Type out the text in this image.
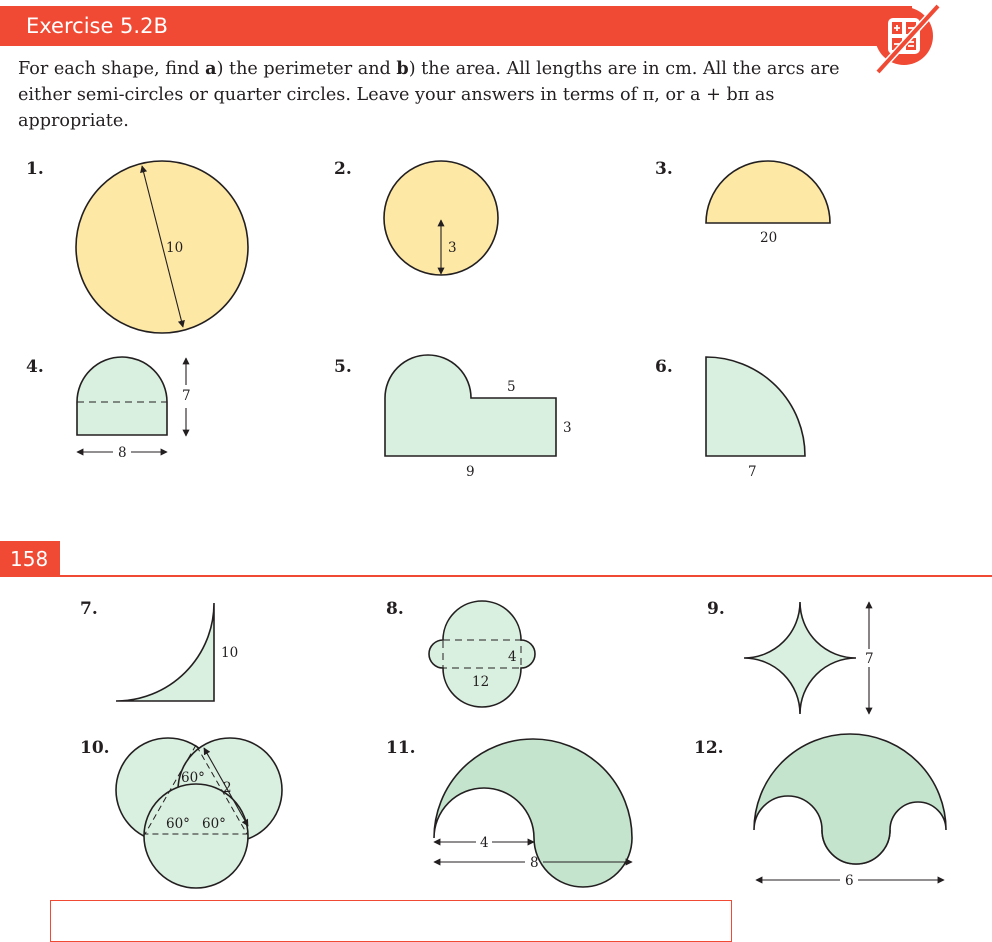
Exercise 5.2B

For each shape, find a) the perimeter and b) the area. All lengths are in cm. All the arcs are either semi-circles or quarter circles. Leave your answers in terms of π, or a + bπ as appropriate.

1.
10
2.
3
3.
20
4.
7
8
5.
5
3
9
6.
7
7.
10
8.
4
12
9.
7
10.
60°
2
60° 60°
11.
4
8
12.
6
158
